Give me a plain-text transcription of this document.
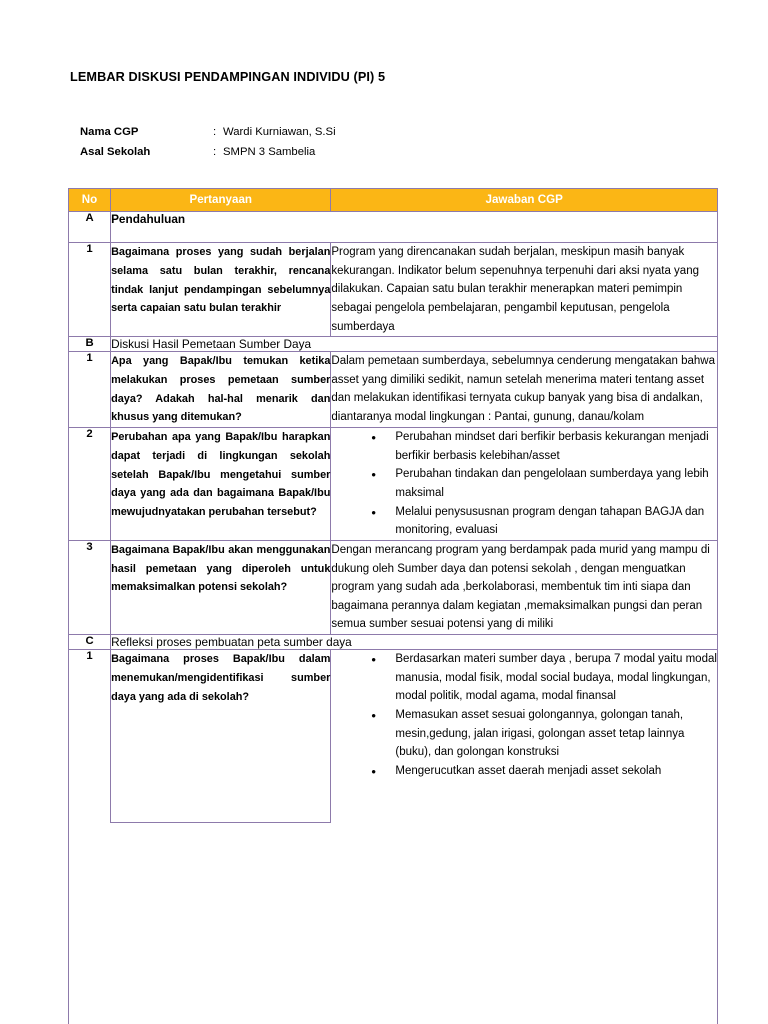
LEMBAR DISKUSI PENDAMPINGAN INDIVIDU (PI) 5
Nama CGP	: Wardi Kurniawan, S.Si
Asal Sekolah	: SMPN 3 Sambelia
No	Pertanyaan	Jawaban CGP
A	Pendahuluan	
1	Bagaimana proses yang sudah berjalan selama satu bulan terakhir, rencana tindak lanjut pendampingan sebelumnya serta capaian satu bulan terakhir	Program yang direncanakan sudah berjalan, meskipun masih banyak kekurangan. Indikator belum sepenuhnya terpenuhi dari aksi nyata yang dilakukan. Capaian satu bulan terakhir menerapkan materi pemimpin sebagai pengelola pembelajaran, pengambil keputusan, pengelola sumberdaya

B	Diskusi Hasil Pemetaan Sumber Daya	
1	Apa yang Bapak/Ibu temukan ketika melakukan proses pemetaan sumber daya? Adakah hal-hal menarik dan khusus yang ditemukan?	Dalam pemetaan sumberdaya, sebelumnya cenderung mengatakan bahwa asset yang dimiliki sedikit, namun setelah menerima materi tentang asset dan melakukan identifikasi ternyata cukup banyak yang bisa di andalkan, diantaranya modal lingkungan : Pantai, gunung, danau/kolam

2	Perubahan apa yang Bapak/Ibu harapkan dapat terjadi di lingkungan sekolah setelah Bapak/Ibu mengetahui sumber daya yang ada dan bagaimana Bapak/Ibu mewujudnyatakan perubahan tersebut?	
• Perubahan mindset dari berfikir berbasis kekurangan menjadi berfikir berbasis kelebihan/asset
• Perubahan tindakan dan pengelolaan sumberdaya yang lebih maksimal
• Melalui penysususnan program dengan tahapan BAGJA dan monitoring, evaluasi

3	Bagaimana Bapak/Ibu akan menggunakan hasil pemetaan yang diperoleh untuk memaksimalkan potensi sekolah?	Dengan merancang program yang berdampak pada murid yang mampu di dukung oleh Sumber daya dan potensi sekolah , dengan menguatkan program yang sudah ada ,berkolaborasi, membentuk tim inti siapa dan bagaimana perannya dalam kegiatan ,memaksimalkan pungsi dan peran semua sumber sesuai potensi yang di miliki

C	Refleksi proses pembuatan peta sumber daya	
1	Bagaimana proses Bapak/Ibu dalam menemukan/mengidentifikasi sumber daya yang ada di sekolah?	
• Berdasarkan materi sumber daya , berupa 7 modal yaitu modal manusia, modal fisik, modal social budaya, modal lingkungan, modal politik, modal agama, modal finansal
• Memasukan asset sesuai golongannya, golongan tanah, mesin,gedung, jalan irigasi, golongan asset tetap lainnya (buku), dan golongan konstruksi
• Mengerucutkan asset daerah menjadi asset sekolah
